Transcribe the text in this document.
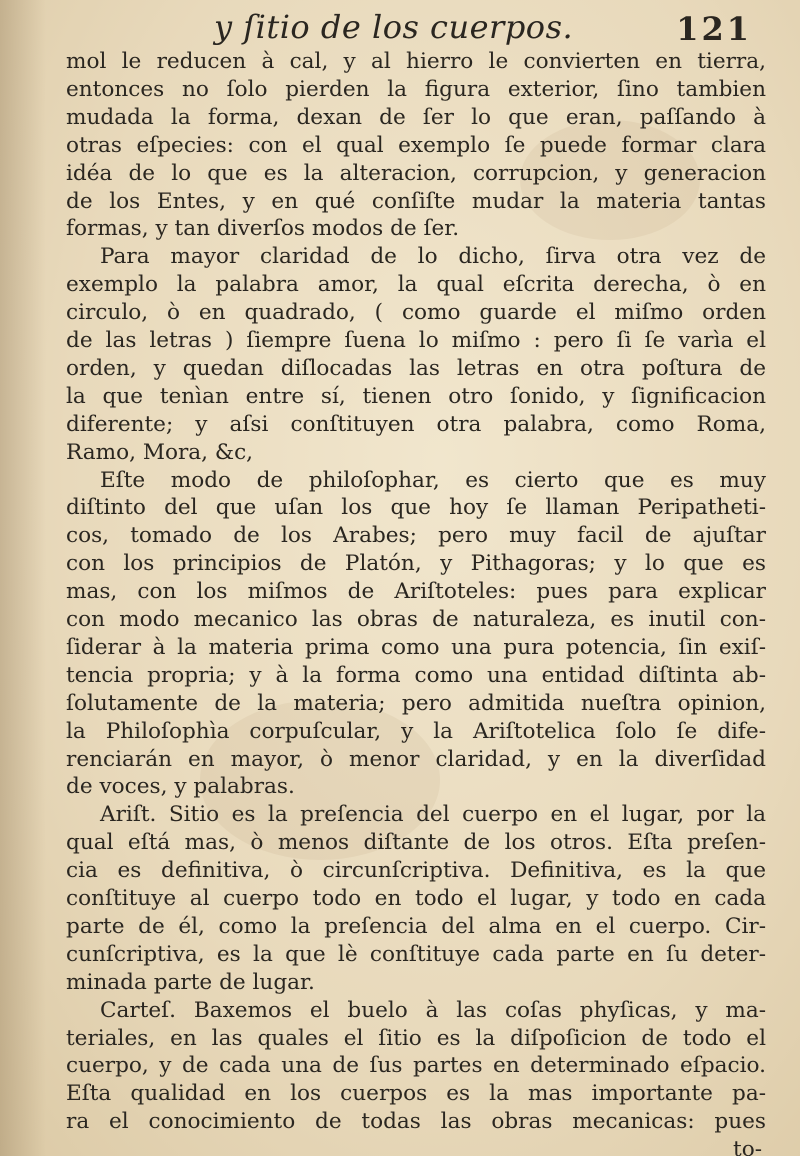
y ſitio de los cuerpos.	121
mol le reducen à cal, y al hierro le convierten en tierra,
entonces no ſolo pierden la figura exterior, ſino tambien
mudada la forma, dexan de ſer lo que eran, paſſando à
otras eſpecies: con el qual exemplo ſe puede formar clara
idéa de lo que es la alteracion, corrupcion, y generacion
de los Entes, y en qué conſiſte mudar la materia tantas
formas, y tan diverſos modos de ſer.
Para mayor claridad de lo dicho, ſirva otra vez de
exemplo la palabra amor, la qual eſcrita derecha, ò en
circulo, ò en quadrado, ( como guarde el miſmo orden
de las letras ) ſiempre ſuena lo miſmo : pero ſi ſe varìa el
orden, y quedan diſlocadas las letras en otra poſtura de
la que tenìan entre sí, tienen otro ſonido, y ſignificacion
diferente; y aſsi conſtituyen otra palabra, como Roma,
Ramo, Mora, &c,
Eſte modo de philoſophar, es cierto que es muy
diſtinto del que uſan los que hoy ſe llaman Peripatheti-
cos, tomado de los Arabes; pero muy facil de ajuſtar
con los principios de Platón, y Pithagoras; y lo que es
mas, con los miſmos de Ariſtoteles: pues para explicar
con modo mecanico las obras de naturaleza, es inutil con-
ſiderar à la materia prima como una pura potencia, ſin exiſ-
tencia propria; y à la forma como una entidad diſtinta ab-
ſolutamente de la materia; pero admitida nueſtra opinion,
la Philoſophìa corpuſcular, y la Ariſtotelica ſolo ſe dife-
renciarán en mayor, ò menor claridad, y en la diverſidad
de voces, y palabras.
Ariſt. Sitio es la preſencia del cuerpo en el lugar, por la
qual eſtá mas, ò menos diſtante de los otros. Eſta preſen-
cia es definitiva, ò circunſcriptiva. Definitiva, es la que
conſtituye al cuerpo todo en todo el lugar, y todo en cada
parte de él, como la preſencia del alma en el cuerpo. Cir-
cunſcriptiva, es la que lè conſtituye cada parte en ſu deter-
minada parte de lugar.
Carteſ. Baxemos el buelo à las coſas phyſicas, y ma-
teriales, en las quales el ſitio es la diſpoſicion de todo el
cuerpo, y de cada una de ſus partes en determinado eſpacio.
Eſta qualidad en los cuerpos es la mas importante pa-
ra el conocimiento de todas las obras mecanicas: pues
to-
